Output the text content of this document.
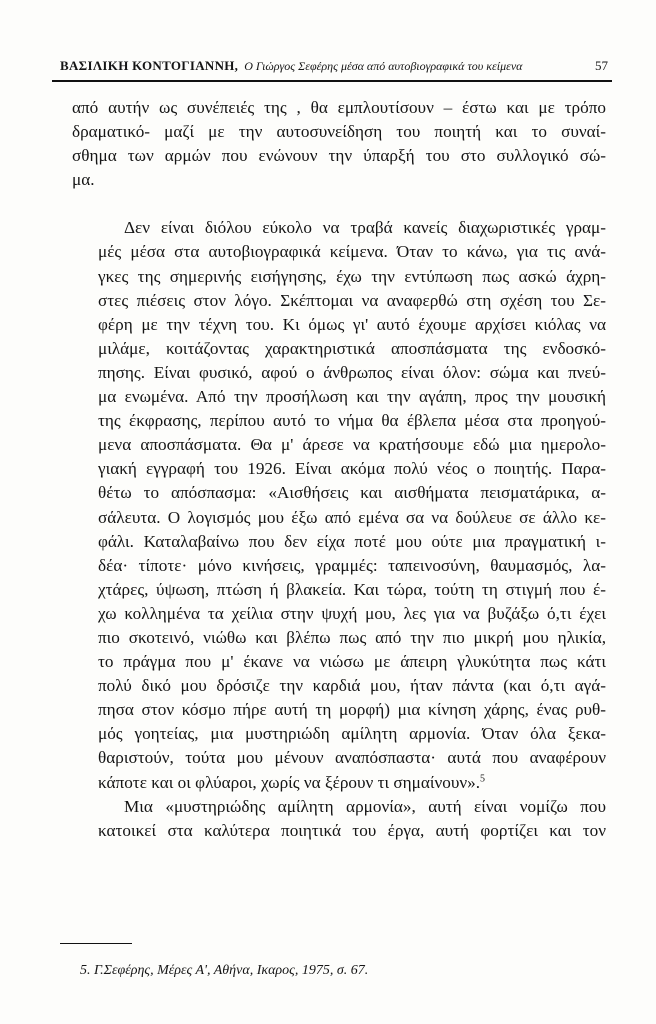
ΒΑΣΙΛΙΚΗ ΚΟΝΤΟΓΙΑΝΝΗ, Ο Γιώργος Σεφέρης μέσα από αυτοβιογραφικά του κείμενα	57
από αυτήν ως συνέπειές της , θα εμπλουτίσουν – έστω και με τρόπο
δραματικό- μαζί με την αυτοσυνείδηση του ποιητή και το συναί-
σθημα των αρμών που ενώνουν την ύπαρξή του στο συλλογικό σώ-
μα.
Δεν είναι διόλου εύκολο να τραβά κανείς διαχωριστικές γραμ-
μές μέσα στα αυτοβιογραφικά κείμενα. Όταν το κάνω, για τις ανά-
γκες της σημερινής εισήγησης, έχω την εντύπωση πως ασκώ άχρη-
στες πιέσεις στον λόγο. Σκέπτομαι να αναφερθώ στη σχέση του Σε-
φέρη με την τέχνη του. Κι όμως γι' αυτό έχουμε αρχίσει κιόλας να
μιλάμε, κοιτάζοντας χαρακτηριστικά αποσπάσματα της ενδοσκό-
πησης. Είναι φυσικό, αφού ο άνθρωπος είναι όλον: σώμα και πνεύ-
μα ενωμένα. Από την προσήλωση και την αγάπη, προς την μουσική
της έκφρασης, περίπου αυτό το νήμα θα έβλεπα μέσα στα προηγού-
μενα αποσπάσματα. Θα μ' άρεσε να κρατήσουμε εδώ μια ημερολο-
γιακή εγγραφή του 1926. Είναι ακόμα πολύ νέος ο ποιητής. Παρα-
θέτω το απόσπασμα: «Αισθήσεις και αισθήματα πεισματάρικα, α-
σάλευτα. Ο λογισμός μου έξω από εμένα σα να δούλευε σε άλλο κε-
φάλι. Καταλαβαίνω που δεν είχα ποτέ μου ούτε μια πραγματική ι-
δέα· τίποτε· μόνο κινήσεις, γραμμές: ταπεινοσύνη, θαυμασμός, λα-
χτάρες, ύψωση, πτώση ή βλακεία. Και τώρα, τούτη τη στιγμή που έ-
χω κολλημένα τα χείλια στην ψυχή μου, λες για να βυζάξω ό,τι έχει
πιο σκοτεινό, νιώθω και βλέπω πως από την πιο μικρή μου ηλικία,
το πράγμα που μ' έκανε να νιώσω με άπειρη γλυκύτητα πως κάτι
πολύ δικό μου δρόσιζε την καρδιά μου, ήταν πάντα (και ό,τι αγά-
πησα στον κόσμο πήρε αυτή τη μορφή) μια κίνηση χάρης, ένας ρυθ-
μός γοητείας, μια μυστηριώδη αμίλητη αρμονία. Όταν όλα ξεκα-
θαριστούν, τούτα μου μένουν αναπόσπαστα· αυτά που αναφέρουν
κάποτε και οι φλύαροι, χωρίς να ξέρουν τι σημαίνουν».$^5$
Μια «μυστηριώδης αμίλητη αρμονία», αυτή είναι νομίζω που
κατοικεί στα καλύτερα ποιητικά του έργα, αυτή φορτίζει και τον
5. Γ.Σεφέρης, Μέρες Α', Αθήνα, Ικαρος, 1975, σ. 67.
